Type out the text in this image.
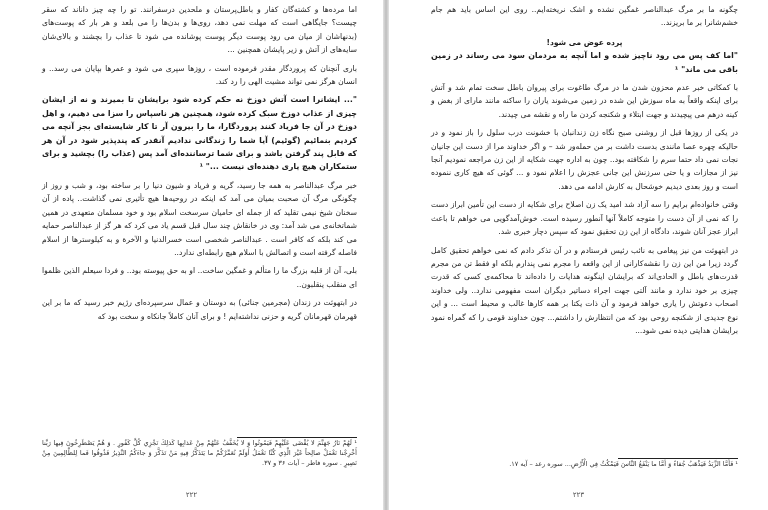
اما مردەها و کشتەگان کفار و باطل‌پرستان و ملحدین درسفرانند. تو را چه چیز داناند که سقر چیست؟ جایگاهی است که مهلت نمی دهد، روی‌ها و بدن‌ها را می بلعد و هر بار که پوست‌های (بدنهاشان از میان می رود پوست دیگر پوست پوشانده می شود تا عذاب را بچشند و بالای‌شان سایه‌های از آتش و زیر پایشان همچنین ...

باری آنچنان که پروردگار مقدر فرموده است ، روزها سپری می شود و عمرها بپایان می رسد.. و انسان هرگز نمی تواند مشیت الهی را رد کند.

"... ایشانرا است آتش دوزخ نه حکم کرده شود برایشان تا بمیرند و نه از ایشان چیزی از عذاب دوزخ سبک کرده شود، همچنین هر ناسپاس را سزا می دهیم، و اهل دوزخ در آن جا فریاد کنند پروردگارا، ما را بیرون آر تا کار شایسته‌ای بجز آنچه می کردیم بنمائیم (گوئیم) آیا شما را زندگانی ندادیم آنقدر که پندپذیر شود در آن هر که قابل پند گرفتن باشد و برای شما ترسانندەای آمد پس (عذاب را) بچشید و برای ستمکاران هیچ یاری دهندەای نیست ..." ¹

خبر مرگ عبدالناصر به همه جا رسید، گریه و فریاد و شیون دنیا را بر ساخته بود، و شب و روز از چگونگی مرگ آن صحبت بمیان می آمد که اینکه در روحیەها هیچ تأثیری نمی گذاشت.. پاده از آن سخنان شیخ نیمی تقلید که از جمله ای حامیان سرسخت اسلام بود و خود مسلمان متعهدی در همین شماتخانه‌ی می شد آمد: وی در خانقاش چند سال قبل قسم یاد می کرد که هر گز از عبدالناصر حمایه می کند بلکه که کافر است . عبدالناصر شخصی است خسرالدنیا و الآخرة و به کیلوسترها از اسلام فاصله گرفته است و اتصالش با اسلام هیچ رابطه‌ای ندارد..

بلی، آن از قلبه بزرگ ما را متألم و غمگین ساخت.. او به حق پیوسته بود.. و فردا سیعلم الذین ظلموا ای منقلب ینقلبون..

در ابتهوئت در زندان (مجرمین جنائی) به دوستان و عمال سرسپرده‌ای رژیم خبر رسید که ما بر این قهرمان قهرمانان گریه و حزنی نداشتەایم ! و برای آنان کاملاً جانکاه و سخت بود که

¹ لَهُمْ نَارُ جَهَنَّمَ لا يُقْضَى عَلَيْهِمْ فَيَمُوتُوا وَ لا يُخَفَّفُ عَنْهُمْ مِنْ عَذابِها كَذلِكَ نَجْزِي كُلَّ كَفُورٍ . وَ هُمْ يَصْطَرِخُونَ فِيها رَبَّنا أَخْرِجْنا نَعْمَلْ صالِحاً غَيْرَ الَّذِي كُنَّا نَعْمَلُ أَوَلَمْ نُعَمِّرْكُمْ ما يَتَذَكَّرُ فِيهِ مَنْ تَذَكَّرَ وَ جاءَكُمُ النَّذِيرُ فَذُوقُوا فَما لِلظَّالِمِينَ مِنْ نَصِيرٍ . سوره فاطر – آیات ۳۶ و ۳۷.

۲۲۲

چگونه ما بر مرگ عبدالناصر غمگین نشده و اشک نریختەایم.. روی این اساس باید هم جام خشم‌شانرا بر ما بریزند..

پرده عوض می شود!

"اما کف پس می رود ناچیز شده و اما آنچه به مردمان سود می رساند در زمین باقی می ماند" ¹

با کمکاتی خبر عدم محزون شدن ما در مرگ طاغوت برای پیروان باطل سخت تمام شد و آتش برای اینکه واقعاً به ماه سوزش این شده در زمین می‌شوند یاران را ساکنه مانند مارای از بغض و کینه درهم می پیچیدند و جهت ابتلاء و شکنجه کردن ما راه و نقشه می چیدند.

در یکی از روزها قبل از روشنی صبح نگاه زن زندانبان با خشونت درب سلول را باز نمود و در حالیکه چهره عصا مانندی بدست داشت بر من حملەور شد – و اگر خداوند مرا از دست این جانیان نجات نمی داد حتما سرم را شکافته بود.. چون به اداره جهت شکایه از این زن مراجعه نمودیم آنجا نیز از مجازات و یا حتی سرزنش این جانی عجزش را اعلام نمود و ... گوئی که هیچ کاری ننموده است و روز بعدی دیدیم خوشحال به کارش ادامه می دهد.

وقتی خانوادەام برایم را سه آزاد شد امید یک زن اصلاح برای شکایه از دست این تأمین ابراز دست را که نمی از آن دست را متوجه کاملاً آنها آنطور رسیده است. خوش‌آمدگویی می خواهم تا باعث ابراز عجز آنان شوند، دادگاه از این زن تحقیق نمود که سپس دچار خبری شد.

در ابتهوئت من نیز پیغامی به نائب رئیس فرستادم و در آن تذکر دادم که نمی خواهم تحقیق کامل گردد زیرا من این زن را نقشه‌کارانی از این واقعه را مجرم نمی پندارم بلکه او فقط تن من مجرم قدرت‌های باطل و الحادی‌اند که برایشان اینگونه هدایات را داده‌اند تا محاکمه‌ی کسی که قدرت چیزی بر خود ندارد و مانند آلتی جهت اجراء دساتیر دیگران است مفهومی ندارد.. ولی خداوند اصحاب دعوتش را یاری خواهد فرمود و آن ذات یکتا بر همه کارها غالب و محیط است ... و این نوع جدیدی از شکنجه روحی بود که من انتظارش را داشتم... چون خداوند قومی را که گمراه نمود برایشان هدایتی دیده نمی شود...

¹ فَأَمَّا الزَّبَدُ فَيَذْهَبُ جُفاءً وَ أَمَّا ما يَنْفَعُ النَّاسَ فَيَمْكُثُ فِي الْأَرْضِ... سوره رعد – آیه ۱۷.

۲۲۳
